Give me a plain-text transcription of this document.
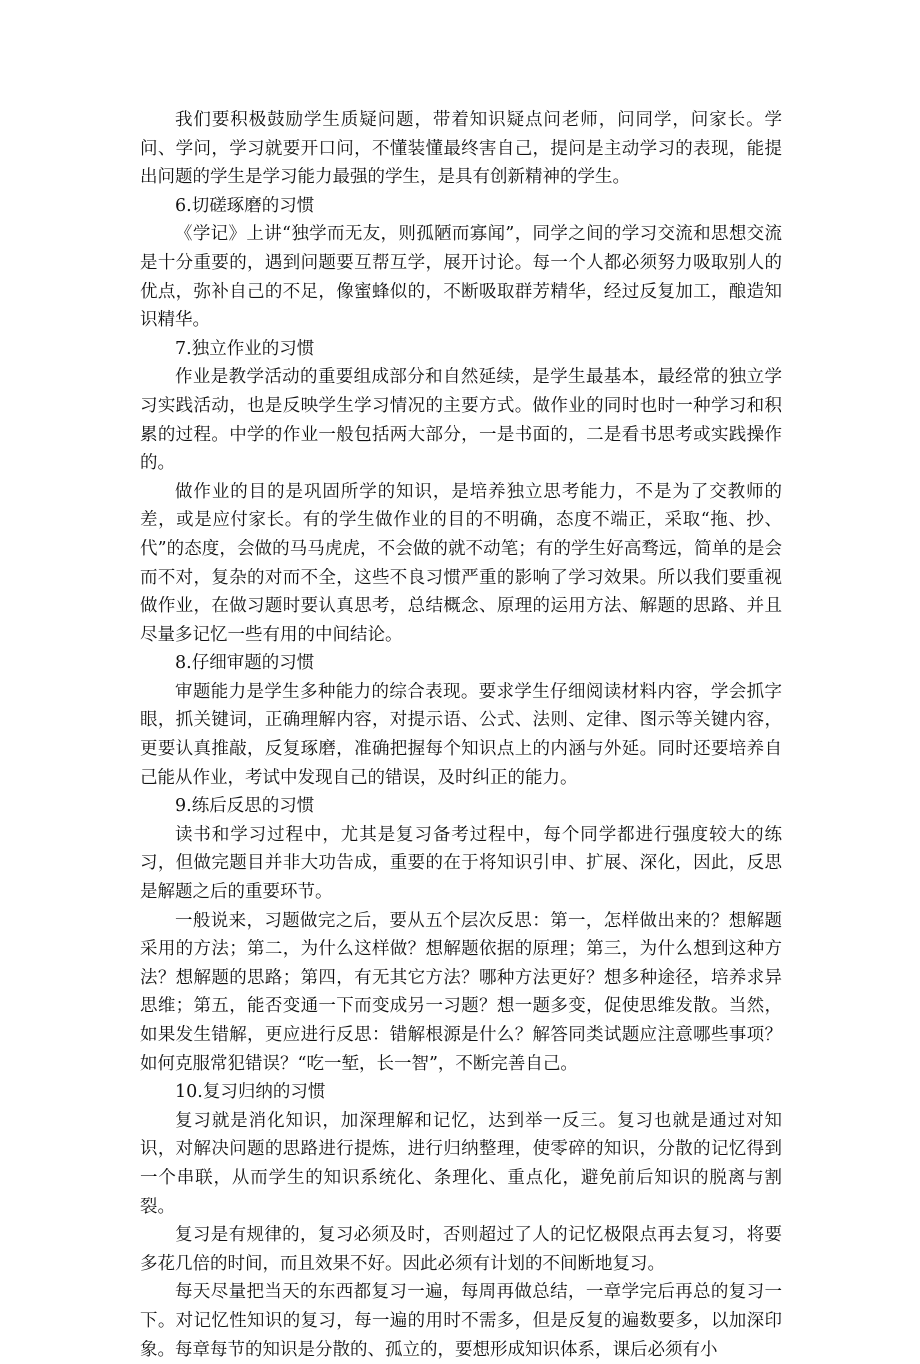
我们要积极鼓励学生质疑问题，带着知识疑点问老师，问同学，问家长。学问、学问，学习就要开口问，不懂装懂最终害自己，提问是主动学习的表现，能提出问题的学生是学习能力最强的学生，是具有创新精神的学生。

6.切磋琢磨的习惯

《学记》上讲“独学而无友，则孤陋而寡闻”，同学之间的学习交流和思想交流是十分重要的，遇到问题要互帮互学，展开讨论。每一个人都必须努力吸取别人的优点，弥补自己的不足，像蜜蜂似的，不断吸取群芳精华，经过反复加工，酿造知识精华。

7.独立作业的习惯

作业是教学活动的重要组成部分和自然延续，是学生最基本，最经常的独立学习实践活动，也是反映学生学习情况的主要方式。做作业的同时也时一种学习和积累的过程。中学的作业一般包括两大部分，一是书面的，二是看书思考或实践操作的。

做作业的目的是巩固所学的知识，是培养独立思考能力，不是为了交教师的差，或是应付家长。有的学生做作业的目的不明确，态度不端正，采取“拖、抄、代”的态度，会做的马马虎虎，不会做的就不动笔；有的学生好高骛远，简单的是会而不对，复杂的对而不全，这些不良习惯严重的影响了学习效果。所以我们要重视做作业，在做习题时要认真思考，总结概念、原理的运用方法、解题的思路、并且尽量多记忆一些有用的中间结论。

8.仔细审题的习惯

审题能力是学生多种能力的综合表现。要求学生仔细阅读材料内容，学会抓字眼，抓关键词，正确理解内容，对提示语、公式、法则、定律、图示等关键内容，更要认真推敲，反复琢磨，准确把握每个知识点上的内涵与外延。同时还要培养自己能从作业，考试中发现自己的错误，及时纠正的能力。

9.练后反思的习惯

读书和学习过程中，尤其是复习备考过程中，每个同学都进行强度较大的练习，但做完题目并非大功告成，重要的在于将知识引申、扩展、深化，因此，反思是解题之后的重要环节。

一般说来，习题做完之后，要从五个层次反思：第一，怎样做出来的？想解题采用的方法；第二，为什么这样做？想解题依据的原理；第三，为什么想到这种方法？想解题的思路；第四，有无其它方法？哪种方法更好？想多种途径，培养求异思维；第五，能否变通一下而变成另一习题？想一题多变，促使思维发散。当然，如果发生错解，更应进行反思：错解根源是什么？解答同类试题应注意哪些事项？如何克服常犯错误？“吃一堑，长一智”，不断完善自己。

10.复习归纳的习惯

复习就是消化知识，加深理解和记忆，达到举一反三。复习也就是通过对知识，对解决问题的思路进行提炼，进行归纳整理，使零碎的知识，分散的记忆得到一个串联，从而学生的知识系统化、条理化、重点化，避免前后知识的脱离与割裂。

复习是有规律的，复习必须及时，否则超过了人的记忆极限点再去复习，将要多花几倍的时间，而且效果不好。因此必须有计划的不间断地复习。

每天尽量把当天的东西都复习一遍，每周再做总结，一章学完后再总的复习一下。对记忆性知识的复习，每一遍的用时不需多，但是反复的遍数要多，以加深印象。每章每节的知识是分散的、孤立的，要想形成知识体系，课后必须有小
